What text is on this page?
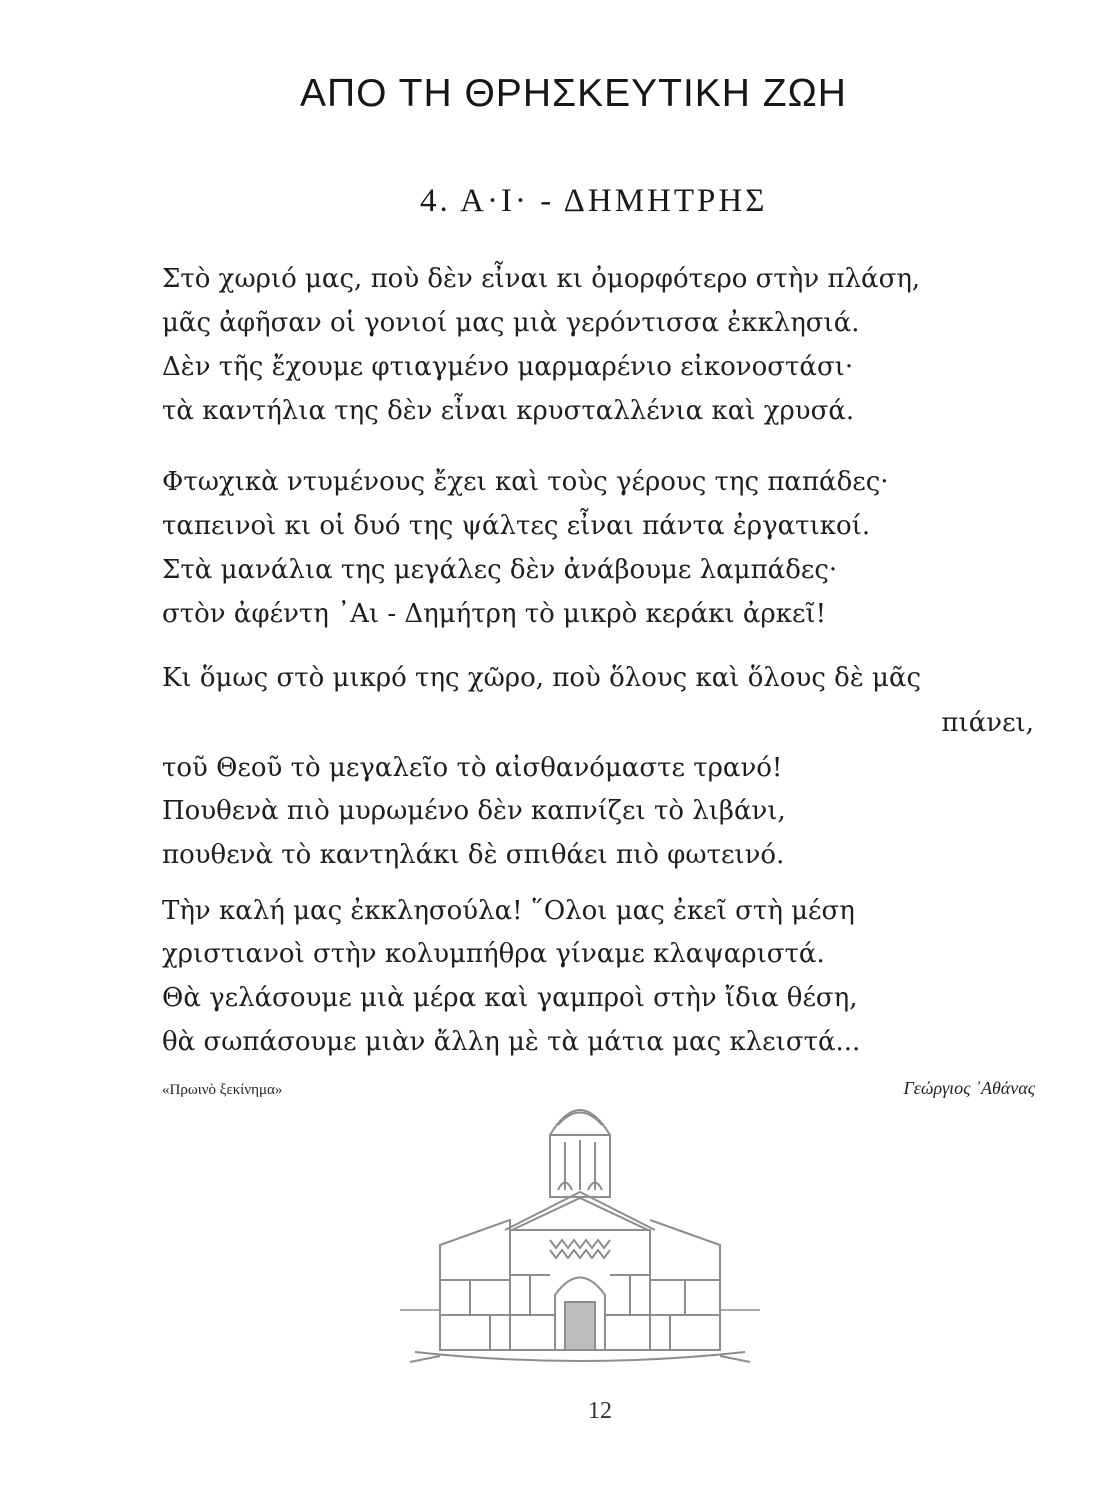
ΑΠΟ ΤΗ ΘΡΗΣΚΕΥΤΙΚΗ ΖΩΗ
4. Α·Ι· - ΔΗΜΗΤΡΗΣ
Στὸ χωριό μας, ποὺ δὲν εἶναι κι ὀμορφότερο στὴν πλάση,
μᾶς ἀφῆσαν οἱ γονιοί μας μιὰ γερόντισσα ἐκκλησιά.
Δὲν τῆς ἔχουμε φτιαγμένο μαρμαρένιο εἰκονοστάσι·
τὰ καντήλια της δὲν εἶναι κρυσταλλένια καὶ χρυσά.
Φτωχικὰ ντυμένους ἔχει καὶ τοὺς γέρους της παπάδες·
ταπεινοὶ κι οἱ δυό της ψάλτες εἶναι πάντα ἐργατικοί.
Στὰ μανάλια της μεγάλες δὲν ἀνάβουμε λαμπάδες·
στὸν ἀφέντη ᾿Αι - Δημήτρη τὸ μικρὸ κεράκι ἀρκεῖ!
Κι ὅμως στὸ μικρό της χῶρο, ποὺ ὅλους καὶ ὅλους δὲ μᾶς
πιάνει,
τοῦ Θεοῦ τὸ μεγαλεῖο τὸ αἰσθανόμαστε τρανό!
Πουθενὰ πιὸ μυρωμένο δὲν καπνίζει τὸ λιβάνι,
πουθενὰ τὸ καντηλάκι δὲ σπιθάει πιὸ φωτεινό.
Τὴν καλή μας ἐκκλησούλα! ῞Ολοι μας ἐκεῖ στὴ μέση
χριστιανοὶ στὴν κολυμπήθρα γίναμε κλαψαριστά.
Θὰ γελάσουμε μιὰ μέρα καὶ γαμπροὶ στὴν ἴδια θέση,
θὰ σωπάσουμε μιὰν ἄλλη μὲ τὰ μάτια μας κλειστά...
«Πρωινὸ ξεκίνημα»	Γεώργιος ᾿Αθάνας
12
